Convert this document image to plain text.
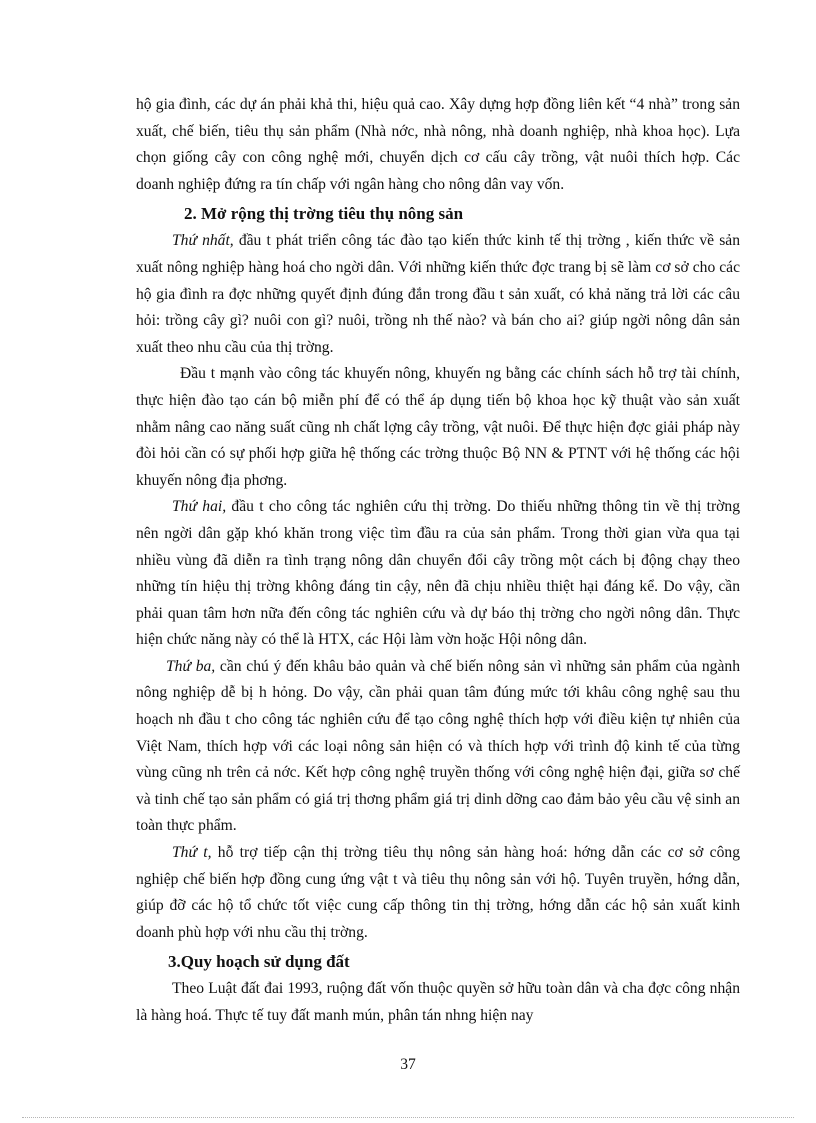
hộ gia đình, các dự án phải khả thi, hiệu quả cao. Xây dựng hợp đồng liên kết “4 nhà” trong sản xuất, chế biến, tiêu thụ sản phẩm (Nhà nớc, nhà nông, nhà doanh nghiệp, nhà khoa học). Lựa chọn giống cây con công nghệ mới, chuyển dịch cơ cấu cây trồng, vật nuôi thích hợp. Các doanh nghiệp đứng ra tín chấp với ngân hàng cho nông dân vay vốn.

2. Mở rộng thị trờng tiêu thụ nông sản

Thứ nhất, đầu t phát triển công tác đào tạo kiến thức kinh tế thị trờng , kiến thức về sản xuất nông nghiệp hàng hoá cho ngời dân. Với những kiến thức đợc trang bị sẽ làm cơ sở cho các hộ gia đình ra đợc những quyết định đúng đắn trong đầu t sản xuất, có khả năng trả lời các câu hỏi: trồng cây gì? nuôi con gì? nuôi, trồng nh thế nào? và bán cho ai? giúp ngời nông dân sản xuất theo nhu cầu của thị trờng.

Đầu t mạnh vào công tác khuyến nông, khuyến ng bằng các chính sách hỗ trợ tài chính, thực hiện đào tạo cán bộ miễn phí để có thể áp dụng tiến bộ khoa học kỹ thuật vào sản xuất nhằm nâng cao năng suất cũng nh chất lợng cây trồng, vật nuôi. Để thực hiện đợc giải pháp này đòi hỏi cần có sự phối hợp giữa hệ thống các trờng thuộc Bộ NN & PTNT với hệ thống các hội khuyến nông địa phơng.

Thứ hai, đầu t cho công tác nghiên cứu thị trờng. Do thiếu những thông tin về thị trờng nên ngời dân gặp khó khăn trong việc tìm đầu ra của sản phẩm. Trong thời gian vừa qua tại nhiều vùng đã diễn ra tình trạng nông dân chuyển đổi cây trồng một cách bị động chạy theo những tín hiệu thị trờng không đáng tin cậy, nên đã chịu nhiều thiệt hại đáng kể. Do vậy, cần phải quan tâm hơn nữa đến công tác nghiên cứu và dự báo thị trờng cho ngời nông dân. Thực hiện chức năng này có thể là HTX, các Hội làm vờn hoặc Hội nông dân.

Thứ ba, cần chú ý đến khâu bảo quản và chế biến nông sản vì những sản phẩm của ngành nông nghiệp dễ bị h hỏng. Do vậy, cần phải quan tâm đúng mức tới khâu công nghệ sau thu hoạch nh đầu t cho công tác nghiên cứu để tạo công nghệ thích hợp với điều kiện tự nhiên của Việt Nam, thích hợp với các loại nông sản hiện có và thích hợp với trình độ kinh tế của từng vùng cũng nh trên cả nớc. Kết hợp công nghệ truyền thống với công nghệ hiện đại, giữa sơ chế và tinh chế tạo sản phẩm có giá trị thơng phẩm giá trị dinh dỡng cao đảm bảo yêu cầu vệ sinh an toàn thực phẩm.

Thứ t, hỗ trợ tiếp cận thị trờng tiêu thụ nông sản hàng hoá: hớng dẫn các cơ sở công nghiệp chế biến hợp đồng cung ứng vật t và tiêu thụ nông sản với hộ. Tuyên truyền, hớng dẫn, giúp đỡ các hộ tổ chức tốt việc cung cấp thông tin thị trờng, hớng dẫn các hộ sản xuất kinh doanh phù hợp với nhu cầu thị trờng.

3.Quy hoạch sử dụng đất

Theo Luật đất đai 1993, ruộng đất vốn thuộc quyền sở hữu toàn dân và cha đợc công nhận là hàng hoá. Thực tế tuy đất manh mún, phân tán nhng hiện nay

37
